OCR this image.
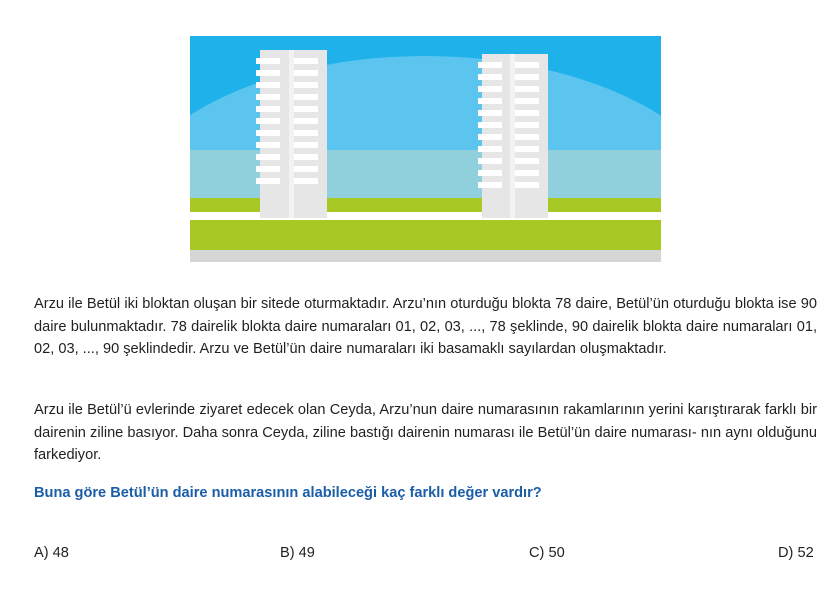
Arzu ile Betül iki bloktan oluşan bir sitede oturmaktadır. Arzu’nın oturduğu blokta 78 daire, Betül’ün oturduğu blokta ise 90 daire bulunmaktadır. 78 dairelik blokta daire numaraları 01, 02, 03, ..., 78 şeklinde, 90 dairelik blokta daire numaraları 01, 02, 03, ..., 90 şeklindedir. Arzu ve Betül’ün daire numaraları iki basamaklı sayılardan oluşmaktadır.

Arzu ile Betül’ü evlerinde ziyaret edecek olan Ceyda, Arzu’nun daire numarasının rakamlarının yerini karıştırarak farklı bir dairenin ziline basıyor. Daha sonra Ceyda, ziline bastığı dairenin numarası ile Betül’ün daire numarası- nın aynı olduğunu farkediyor.

Buna göre Betül’ün daire numarasının alabileceği kaç farklı değer vardır?

A) 48	B) 49	C) 50	D) 52
